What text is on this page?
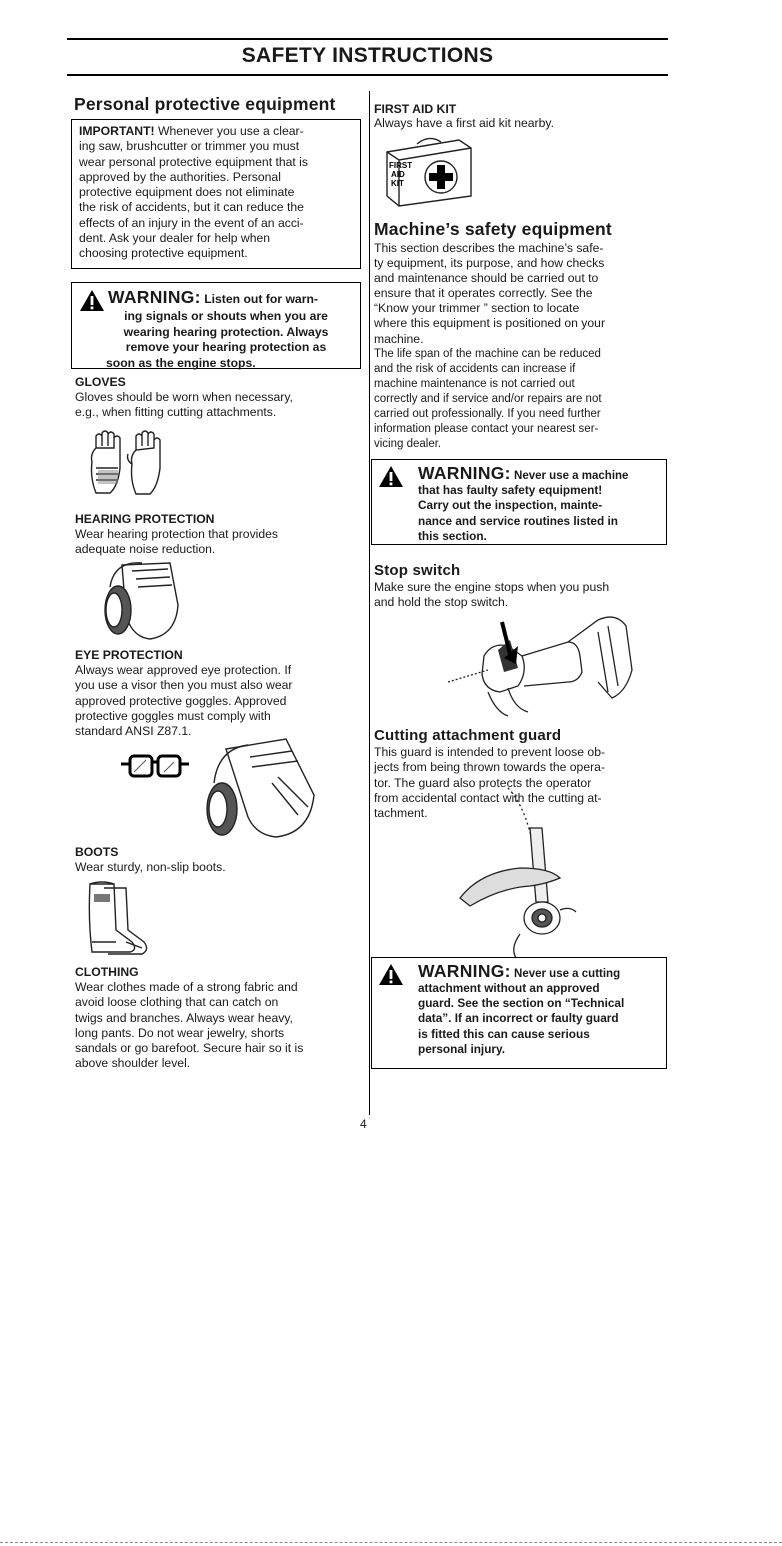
SAFETY INSTRUCTIONS
Personal protective equipment
IMPORTANT! Whenever you use a clear-
ing saw, brushcutter or trimmer you must
wear personal protective equipment that is
approved by the authorities. Personal
protective equipment does not eliminate
the risk of accidents, but it can reduce the
effects of an injury in the event of an acci-
dent. Ask your dealer for help when
choosing protective equipment.
WARNING: Listen out for warn-
ing signals or shouts when you are
wearing hearing protection. Always
remove your hearing protection as
soon as the engine stops.
GLOVES
Gloves should be worn when necessary,
e.g., when fitting cutting attachments.
HEARING PROTECTION
Wear hearing protection that provides
adequate noise reduction.
EYE PROTECTION
Always wear approved eye protection. If
you use a visor then you must also wear
approved protective goggles. Approved
protective goggles must comply with
standard ANSI Z87.1.
BOOTS
Wear sturdy, non-slip boots.
CLOTHING
Wear clothes made of a strong fabric and
avoid loose clothing that can catch on
twigs and branches. Always wear heavy,
long pants. Do not wear jewelry, shorts
sandals or go barefoot. Secure hair so it is
above shoulder level.
FIRST AID KIT
Always have a first aid kit nearby.
FIRST
AID
KIT
Machine’s safety equipment
This section describes the machine’s safe-
ty equipment, its purpose, and how checks
and maintenance should be carried out to
ensure that it operates correctly. See the
“Know your trimmer ” section to locate
where this equipment is positioned on your
machine.
The life span of the machine can be reduced
and the risk of accidents can increase if
machine maintenance is not carried out
correctly and if service and/or repairs are not
carried out professionally. If you need further
information please contact your nearest ser-
vicing dealer.
WARNING: Never use a machine
that has faulty safety equipment!
Carry out the inspection, mainte-
nance and service routines listed in
this section.
Stop switch
Make sure the engine stops when you push
and hold the stop switch.
Cutting attachment guard
This guard is intended to prevent loose ob-
jects from being thrown towards the opera-
tor. The guard also protects the operator
from accidental contact with the cutting at-
tachment.
WARNING: Never use a cutting
attachment without an approved
guard. See the section on “Technical
data”. If an incorrect or faulty guard
is fitted this can cause serious
personal injury.
4
